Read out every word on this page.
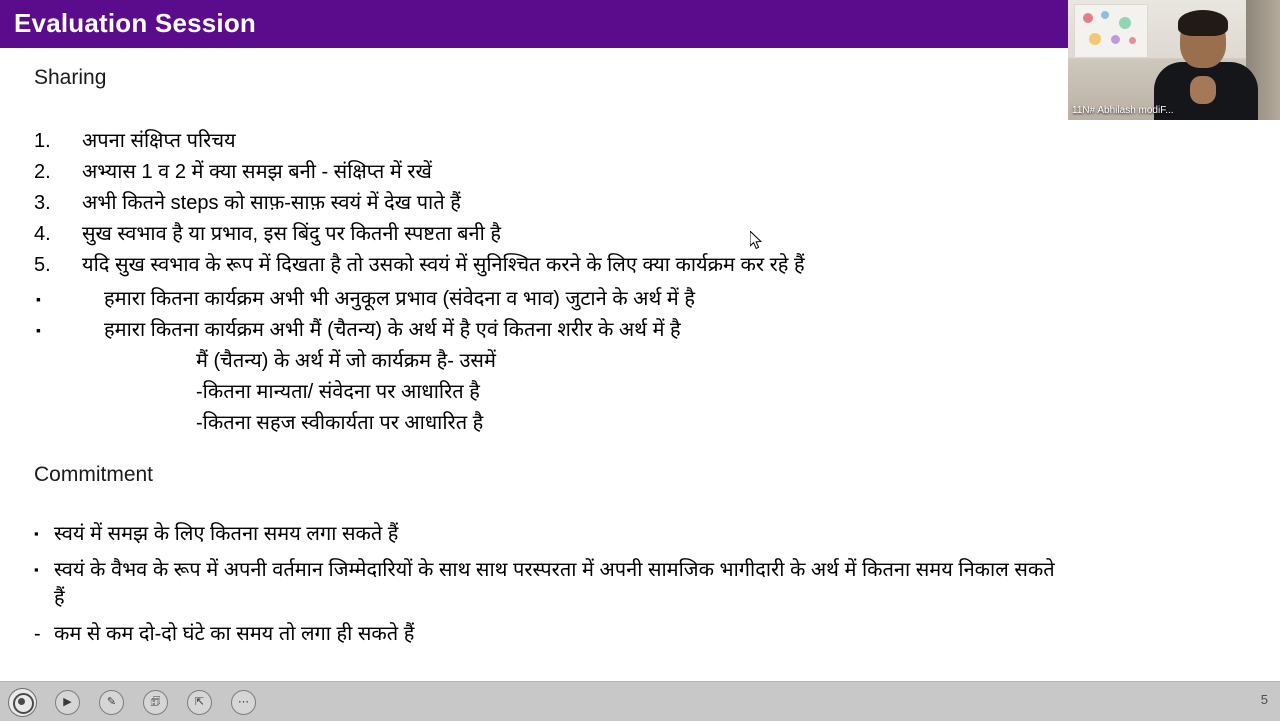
Evaluation Session
11N# Abhilash modiF...
Sharing
1.	अपना संक्षिप्त परिचय
2.	अभ्यास 1 व 2 में क्या समझ बनी - संक्षिप्त में रखें
3.	अभी कितने steps को साफ़-साफ़ स्वयं में देख पाते हैं
4.	सुख स्वभाव है या प्रभाव, इस बिंदु पर कितनी स्पष्टता बनी है
5.	यदि सुख स्वभाव के रूप में दिखता है तो उसको स्वयं में सुनिश्चित करने के लिए क्या कार्यक्रम कर रहे हैं
▪	हमारा कितना कार्यक्रम अभी भी अनुकूल प्रभाव (संवेदना व भाव) जुटाने के अर्थ में है
▪	हमारा कितना कार्यक्रम अभी मैं (चैतन्य) के अर्थ में है एवं कितना शरीर के अर्थ में है
मैं (चैतन्य) के अर्थ में जो कार्यक्रम है- उसमें
-कितना मान्यता/ संवेदना पर आधारित है
-कितना सहज स्वीकार्यता पर आधारित है
Commitment
▪ स्वयं में समझ के लिए कितना समय लगा सकते हैं
▪ स्वयं के वैभव के रूप में अपनी वर्तमान जिम्मेदारियों के साथ साथ परस्परता में अपनी सामजिक भागीदारी के अर्थ में कितना समय निकाल सकते हैं
- कम से कम दो-दो घंटे का समय तो लगा ही सकते हैं
▶	✎	🗊	⇱	⋯	5
